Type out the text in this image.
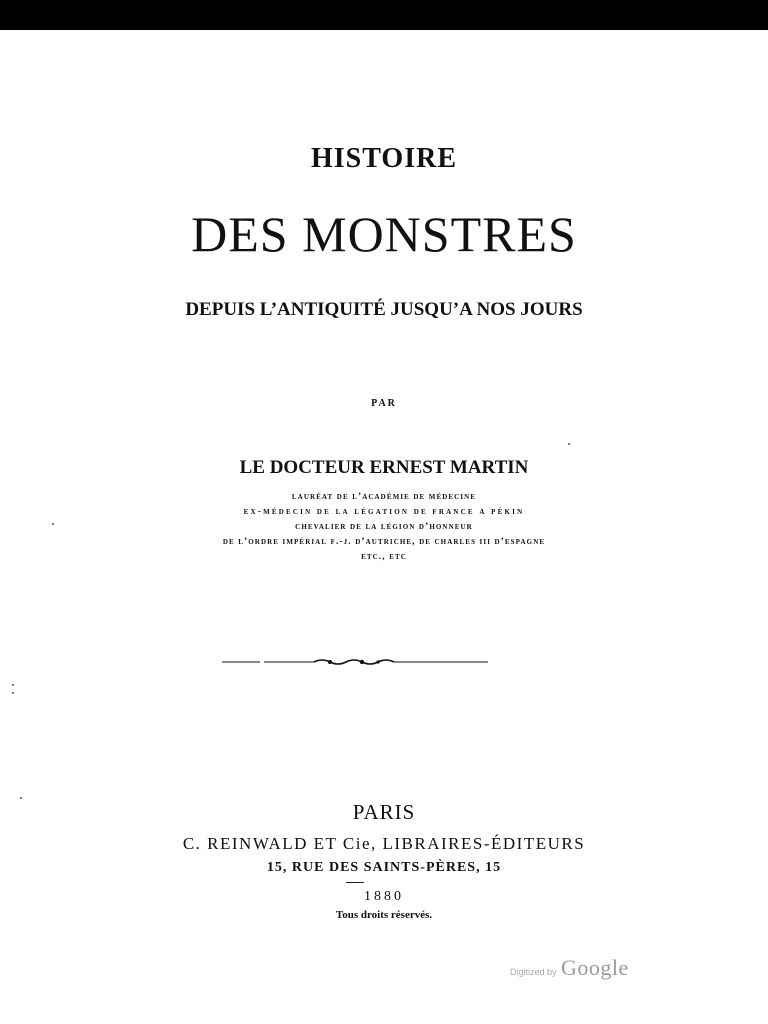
HISTOIRE
DES MONSTRES
DEPUIS L’ANTIQUITÉ JUSQU’A NOS JOURS
PAR
LE DOCTEUR ERNEST MARTIN
lauréat de l’académie de médecine
ex-médecin de la légation de france a pékin
chevalier de la légion d’honneur
de l’ordre impérial f.-j. d’autriche, de charles iii d’espagne
etc., etc
PARIS
C. REINWALD ET Cie, LIBRAIRES-ÉDITEURS
15, RUE DES SAINTS-PÈRES, 15
1880
Tous droits réservés.
Digitized by Google
